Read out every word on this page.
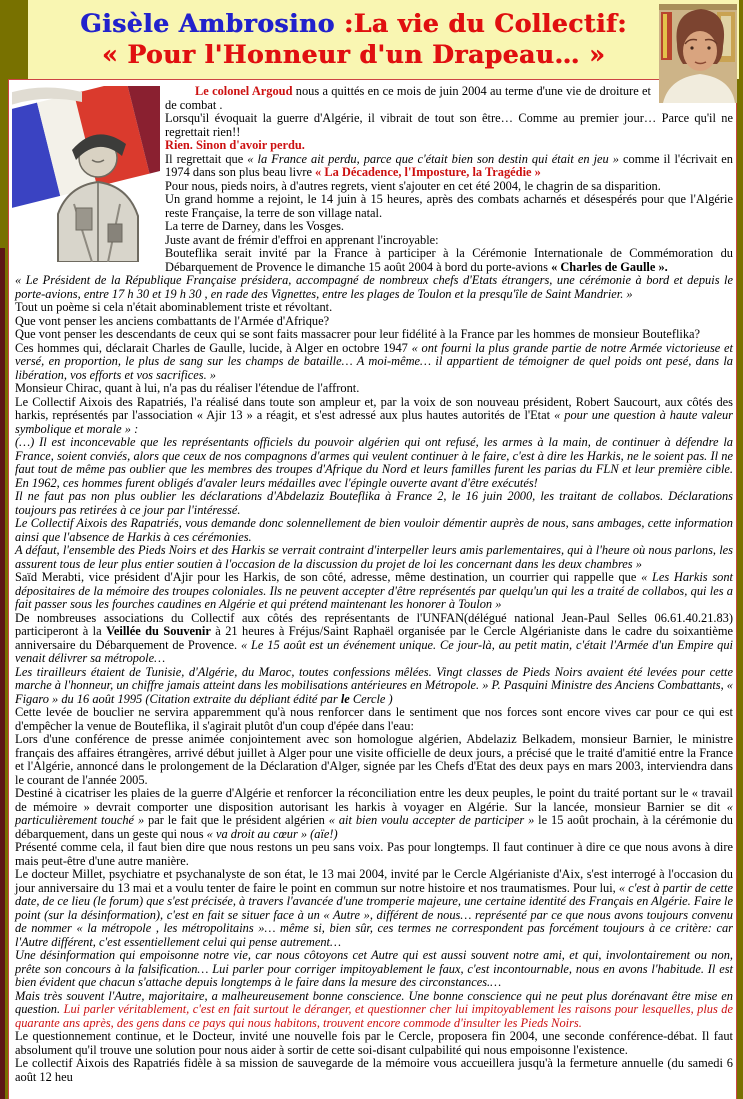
Gisèle Ambrosino :La vie du Collectif:
« Pour l'Honneur d'un Drapeau… »

Le colonel Argoud nous a quittés en ce mois de juin 2004 au terme d'une vie de droiture et de combat .

Lorsqu'il évoquait la guerre d'Algérie, il vibrait de tout son être… Comme au premier jour… Parce qu'il ne regrettait rien!!

Rien. Sinon d'avoir perdu.

Il regrettait que « la France ait perdu, parce que c'était bien son destin qui était en jeu » comme il l'écrivait en 1974 dans son plus beau livre « La Décadence, l'Imposture, la Tragédie »

Pour nous, pieds noirs, à d'autres regrets, vient s'ajouter en cet été 2004, le chagrin de sa disparition.

Un grand homme a rejoint, le 14 juin à 15 heures, après des combats acharnés et désespérés pour que l'Algérie reste Française, la terre de son village natal.

La terre de Darney, dans les Vosges.

Juste avant de frémir d'effroi en apprenant l'incroyable:

Bouteflika serait invité par la France à participer à la Cérémonie Internationale de Commémoration du Débarquement de Provence le dimanche 15 août 2004 à bord du porte-avions « Charles de Gaulle ».

« Le Président de la République Française présidera, accompagné de nombreux chefs d'Etats étrangers, une cérémonie à bord et depuis le porte-avions, entre 17 h 30 et 19 h 30 , en rade des Vignettes, entre les plages de Toulon et la presqu'île de Saint Mandrier. »

Tout un poème si cela n'était abominablement triste et révoltant.

Que vont penser les anciens combattants de l'Armée d'Afrique?

Que vont penser les descendants de ceux qui se sont faits massacrer pour leur fidélité à la France par les hommes de monsieur Bouteflika?

Ces hommes qui, déclarait Charles de Gaulle, lucide, à Alger en octobre 1947 « ont fourni la plus grande partie de notre Armée victorieuse et versé, en proportion, le plus de sang sur les champs de bataille… A moi-même… il appartient de témoigner de quel poids ont pesé, dans la libération, vos efforts et vos sacrifices. »

Monsieur Chirac, quant à lui, n'a pas du réaliser l'étendue de l'affront.

Le Collectif Aixois des Rapatriés, l'a réalisé dans toute son ampleur et, par la voix de son nouveau président, Robert Saucourt, aux côtés des harkis, représentés par l'association « Ajir 13 » a réagit, et s'est adressé aux plus hautes autorités de l'Etat « pour une question à haute valeur symbolique et morale » :

(…) Il est inconcevable que les représentants officiels du pouvoir algérien qui ont refusé, les armes à la main, de continuer à défendre la France, soient conviés, alors que ceux de nos compagnons d'armes qui veulent continuer à le faire, c'est à dire les Harkis, ne le soient pas. Il ne faut tout de même pas oublier que les membres des troupes d'Afrique du Nord et leurs familles furent les parias du FLN et leur première cible. En 1962, ces hommes furent obligés d'avaler leurs médailles avec l'épingle ouverte avant d'être exécutés!

Il ne faut pas non plus oublier les déclarations d'Abdelaziz Bouteflika à France 2, le 16 juin 2000, les traitant de collabos. Déclarations toujours pas retirées à ce jour par l'intéressé.

Le Collectif Aixois des Rapatriés, vous demande donc solennellement de bien vouloir démentir auprès de nous, sans ambages, cette information ainsi que l'absence de Harkis à ces cérémonies.

A défaut, l'ensemble des Pieds Noirs et des Harkis se verrait contraint d'interpeller leurs amis parlementaires, qui à l'heure où nous parlons, les assurent tous de leur plus entier soutien à l'occasion de la discussion du projet de loi les concernant dans les deux chambres »

Saïd Merabti, vice président d'Ajir pour les Harkis, de son côté, adresse, même destination, un courrier qui rappelle que « Les Harkis sont dépositaires de la mémoire des troupes coloniales. Ils ne peuvent accepter d'être représentés par quelqu'un qui les a traité de collabos, qui les a fait passer sous les fourches caudines en Algérie et qui prétend maintenant les honorer à Toulon »

De nombreuses associations du Collectif aux côtés des représentants de l'UNFAN(délégué national Jean-Paul Selles 06.61.40.21.83) participeront à la Veillée du Souvenir à 21 heures à Fréjus/Saint Raphaël organisée par le Cercle Algérianiste dans le cadre du soixantième anniversaire du Débarquement de Provence. « Le 15 août est un événement unique. Ce jour-là, au petit matin, c'était l'Armée d'un Empire qui venait délivrer sa métropole…

Les tirailleurs étaient de Tunisie, d'Algérie, du Maroc, toutes confessions mêlées. Vingt classes de Pieds Noirs avaient été levées pour cette marche à l'honneur, un chiffre jamais atteint dans les mobilisations antérieures en Métropole. » P. Pasquini Ministre des Anciens Combattants, « Figaro » du 16 août 1995 (Citation extraite du dépliant édité par le Cercle )

Cette levée de bouclier ne servira apparemment qu'à nous renforcer dans le sentiment que nos forces sont encore vives car pour ce qui est d'empêcher la venue de Bouteflika, il s'agirait plutôt d'un coup d'épée dans l'eau:

Lors d'une conférence de presse animée conjointement avec son homologue algérien, Abdelaziz Belkadem, monsieur Barnier, le ministre français des affaires étrangères, arrivé début juillet à Alger pour une visite officielle de deux jours, a précisé que le traité d'amitié entre la France et l'Algérie, annoncé dans le prolongement de la Déclaration d'Alger, signée par les Chefs d'Etat des deux pays en mars 2003, interviendra dans le courant de l'année 2005.

Destiné à cicatriser les plaies de la guerre d'Algérie et renforcer la réconciliation entre les deux peuples, le point du traité portant sur le « travail de mémoire » devrait comporter une disposition autorisant les harkis à voyager en Algérie. Sur la lancée, monsieur Barnier se dit « particulièrement touché » par le fait que le président algérien « ait bien voulu accepter de participer » le 15 août prochain, à la cérémonie du débarquement, dans un geste qui nous « va droit au cœur » (aïe!)

Présenté comme cela, il faut bien dire que nous restons un peu sans voix. Pas pour longtemps. Il faut continuer à dire ce que nous avons à dire mais peut-être d'une autre manière.

Le docteur Millet, psychiatre et psychanalyste de son état, le 13 mai 2004, invité par le Cercle Algérianiste d'Aix, s'est interrogé à l'occasion du jour anniversaire du 13 mai et a voulu tenter de faire le point en commun sur notre histoire et nos traumatismes. Pour lui, « c'est à partir de cette date, de ce lieu (le forum) que s'est précisée, à travers l'avancée d'une tromperie majeure, une certaine identité des Français en Algérie. Faire le point (sur la désinformation), c'est en fait se situer face à un « Autre », différent de nous… représenté par ce que nous avons toujours convenu de nommer « la métropole , les métropolitains »… même si, bien sûr, ces termes ne correspondent pas forcément toujours à ce critère: car l'Autre différent, c'est essentiellement celui qui pense autrement…

Une désinformation qui empoisonne notre vie, car nous côtoyons cet Autre qui est aussi souvent notre ami, et qui, involontairement ou non, prête son concours à la falsification… Lui parler pour corriger impitoyablement le faux, c'est incontournable, nous en avons l'habitude. Il est bien évident que chacun s'attache depuis longtemps à le faire dans la mesure des circonstances.…

Mais très souvent l'Autre, majoritaire, a malheureusement bonne conscience. Une bonne conscience qui ne peut plus dorénavant être mise en question. Lui parler véritablement, c'est en fait surtout le déranger, et questionner cher lui impitoyablement les raisons pour lesquelles, plus de quarante ans après, des gens dans ce pays qui nous habitons, trouvent encore commode d'insulter les Pieds Noirs.

Le questionnement continue, et le Docteur, invité une nouvelle fois par le Cercle, proposera fin 2004, une seconde conférence-débat. Il faut absolument qu'il trouve une solution pour nous aider à sortir de cette soi-disant culpabilité qui nous empoisonne l'existence.

Le collectif Aixois des Rapatriés fidèle à sa mission de sauvegarde de la mémoire vous accueillera jusqu'à la fermeture annuelle (du samedi 6 août 12 heu
